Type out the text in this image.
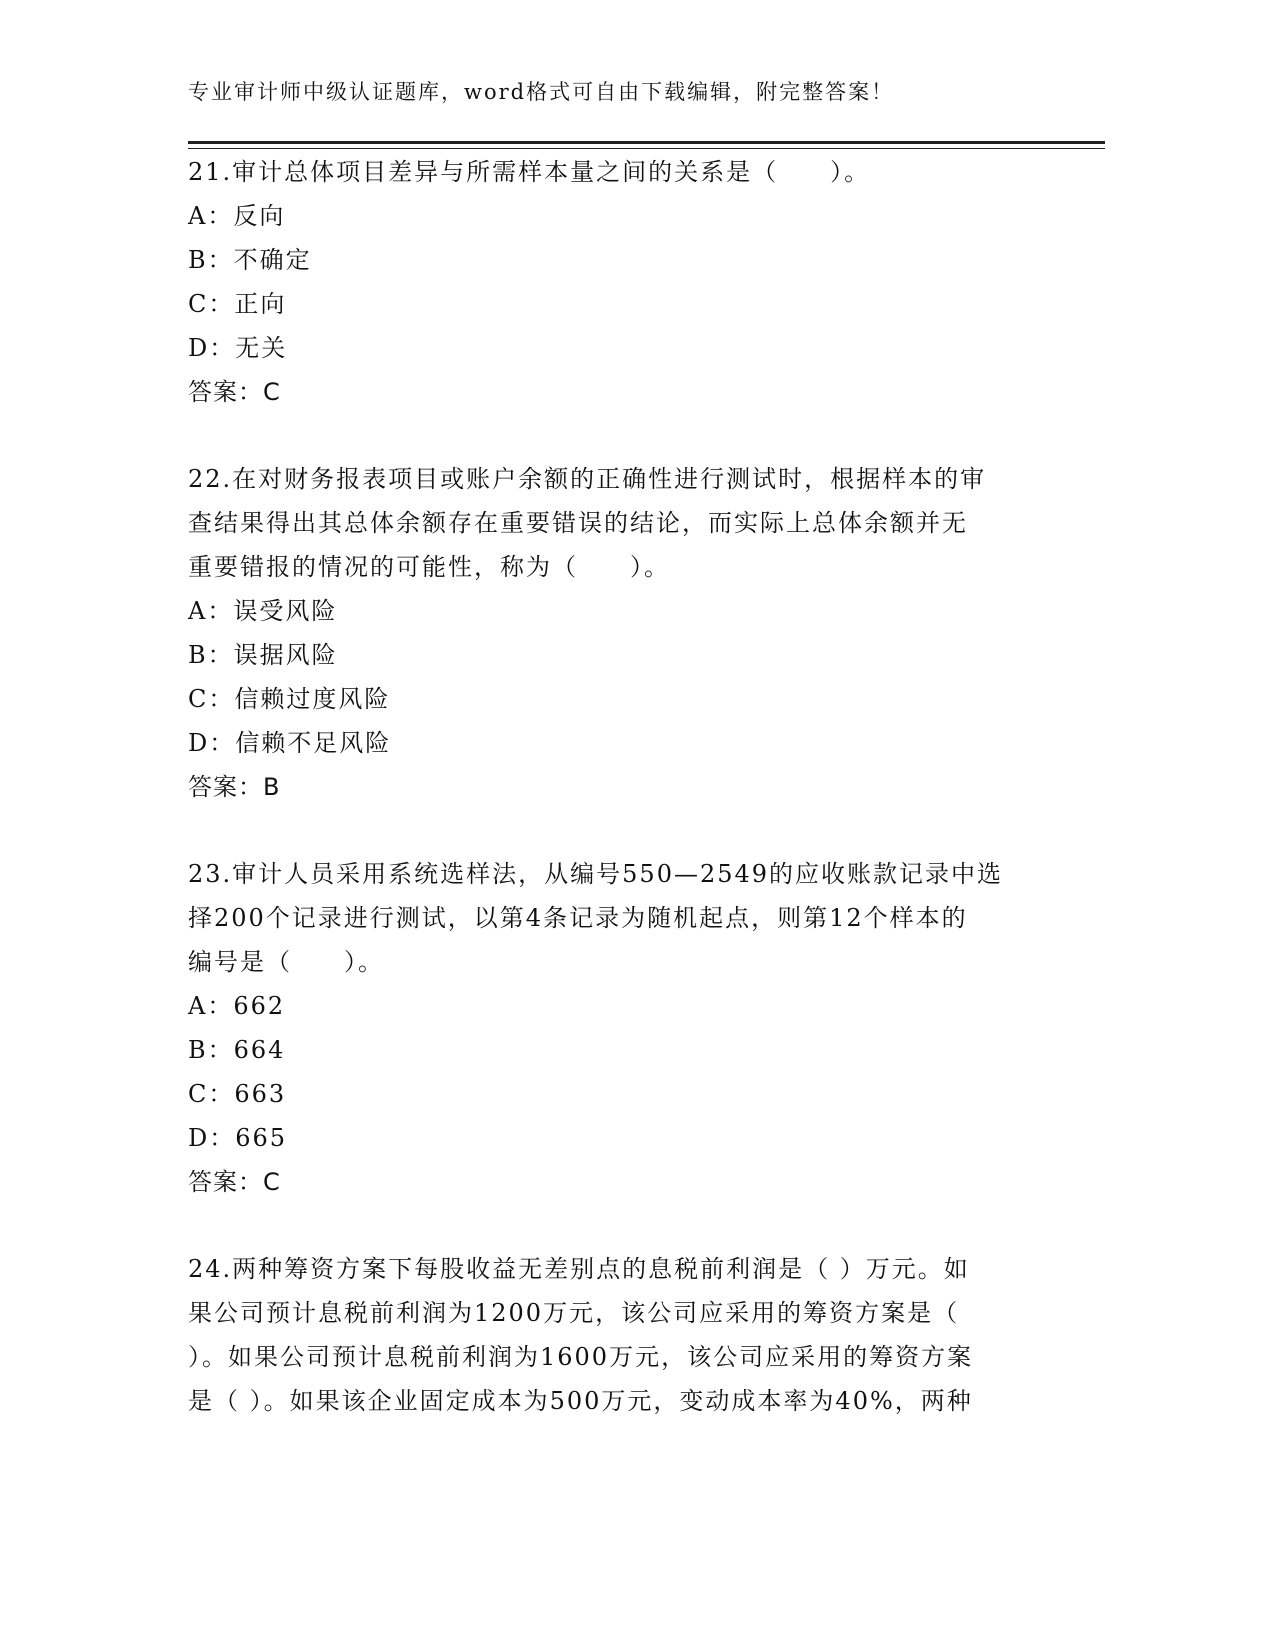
专业审计师中级认证题库，word格式可自由下载编辑，附完整答案！
21.审计总体项目差异与所需样本量之间的关系是（　　）。
A：反向
B：不确定
C：正向
D：无关
答案：C
22.在对财务报表项目或账户余额的正确性进行测试时，根据样本的审
查结果得出其总体余额存在重要错误的结论，而实际上总体余额并无
重要错报的情况的可能性，称为（　　）。
A：误受风险
B：误据风险
C：信赖过度风险
D：信赖不足风险
答案：B
23.审计人员采用系统选样法，从编号550—2549的应收账款记录中选
择200个记录进行测试，以第4条记录为随机起点，则第12个样本的
编号是（　　）。
A：662
B：664
C：663
D：665
答案：C
24.两种筹资方案下每股收益无差别点的息税前利润是（ ）万元。如
果公司预计息税前利润为1200万元，该公司应采用的筹资方案是（
）。如果公司预计息税前利润为1600万元，该公司应采用的筹资方案
是（ ）。如果该企业固定成本为500万元，变动成本率为40%，两种
